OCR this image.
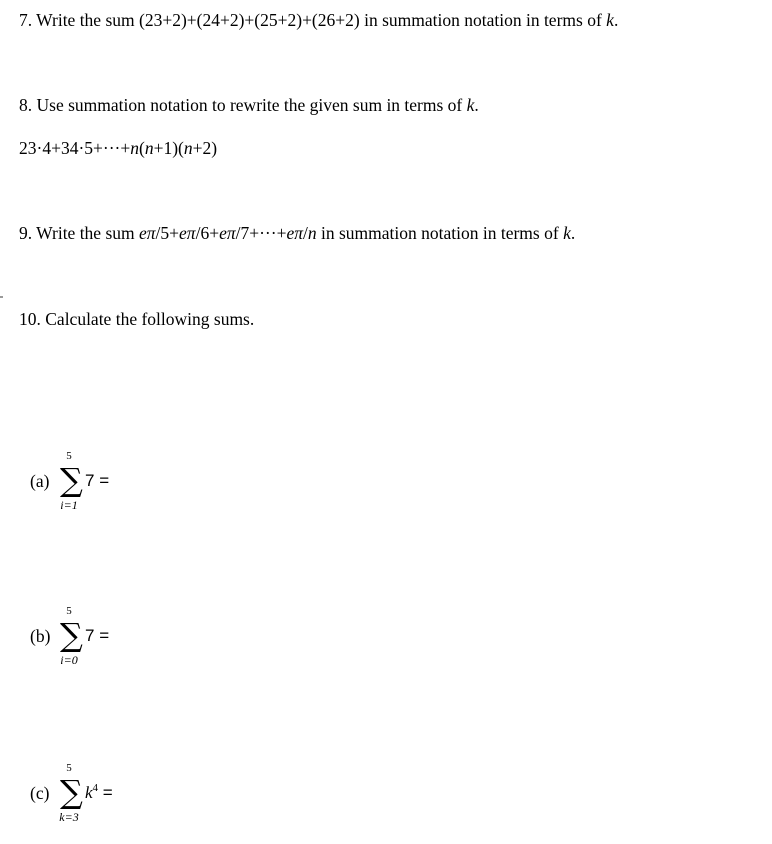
7. Write the sum (23+2)+(24+2)+(25+2)+(26+2) in summation notation in terms of k.
8. Use summation notation to rewrite the given sum in terms of k.
23·4+34·5+···+n(n+1)(n+2)
9. Write the sum eπ/5+eπ/6+eπ/7+···+eπ/n in summation notation in terms of k.
10. Calculate the following sums.
(a)
5
∑
i=1
7 =
(b)
5
∑
i=0
7 =
(c)
5
∑
k=3
$k^4$ =
